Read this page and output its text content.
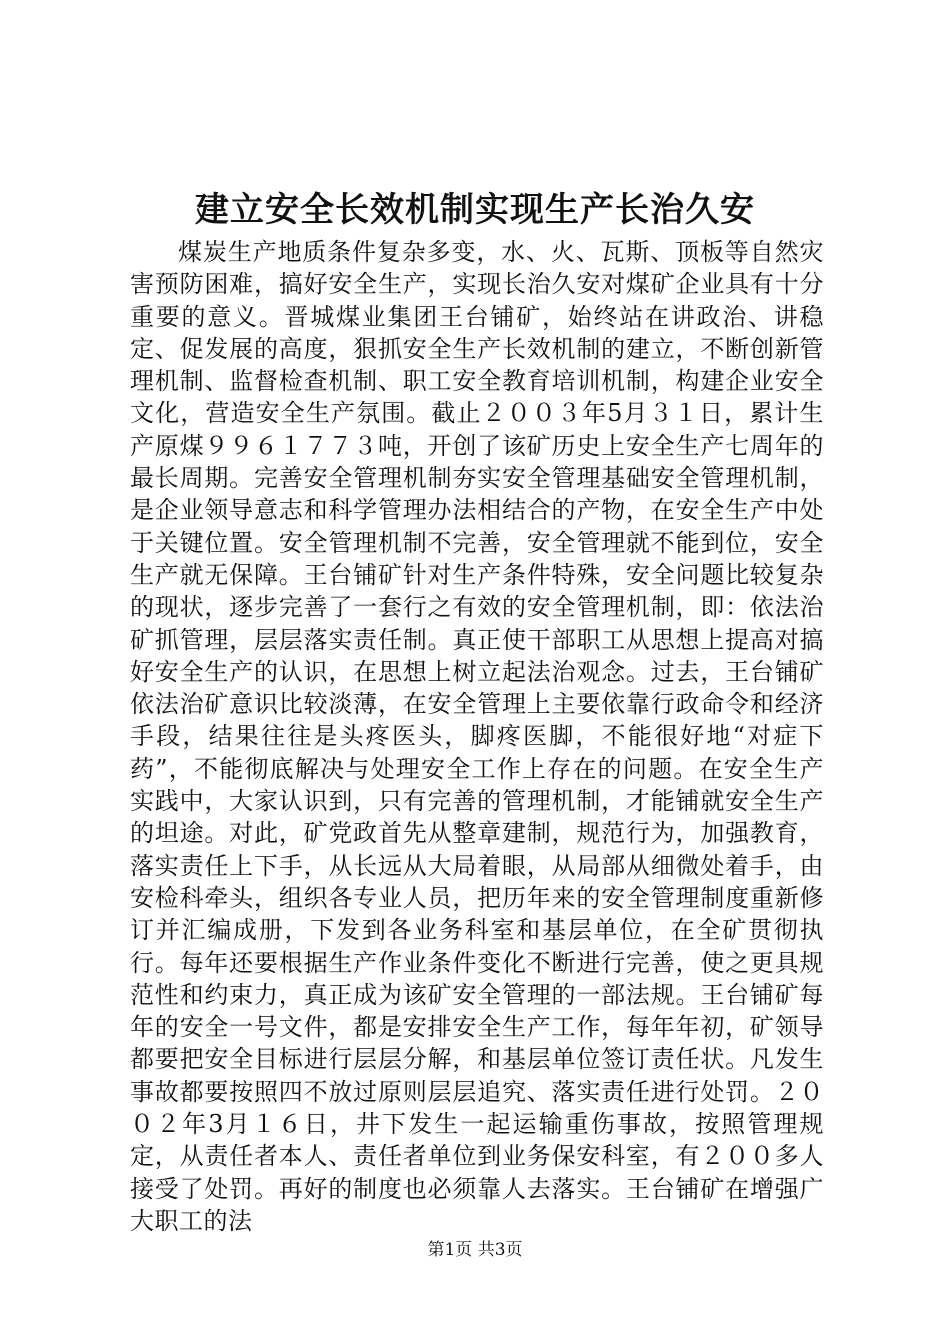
建立安全长效机制实现生产长治久安

煤炭生产地质条件复杂多变，水、火、瓦斯、顶板等自然灾害预防困难，搞好安全生产，实现长治久安对煤矿企业具有十分重要的意义。晋城煤业集团王台铺矿，始终站在讲政治、讲稳定、促发展的高度，狠抓安全生产长效机制的建立，不断创新管理机制、监督检查机制、职工安全教育培训机制，构建企业安全文化，营造安全生产氛围。截止２００３年5月３１日，累计生产原煤９９６１７７３吨，开创了该矿历史上安全生产七周年的最长周期。完善安全管理机制夯实安全管理基础安全管理机制，是企业领导意志和科学管理办法相结合的产物，在安全生产中处于关键位置。安全管理机制不完善，安全管理就不能到位，安全生产就无保障。王台铺矿针对生产条件特殊，安全问题比较复杂的现状，逐步完善了一套行之有效的安全管理机制，即：依法治矿抓管理，层层落实责任制。真正使干部职工从思想上提高对搞好安全生产的认识，在思想上树立起法治观念。过去，王台铺矿依法治矿意识比较淡薄，在安全管理上主要依靠行政命令和经济手段，结果往往是头疼医头，脚疼医脚，不能很好地“对症下药”，不能彻底解决与处理安全工作上存在的问题。在安全生产实践中，大家认识到，只有完善的管理机制，才能铺就安全生产的坦途。对此，矿党政首先从整章建制，规范行为，加强教育，落实责任上下手，从长远从大局着眼，从局部从细微处着手，由安检科牵头，组织各专业人员，把历年来的安全管理制度重新修订并汇编成册，下发到各业务科室和基层单位，在全矿贯彻执行。每年还要根据生产作业条件变化不断进行完善，使之更具规范性和约束力，真正成为该矿安全管理的一部法规。王台铺矿每年的安全一号文件，都是安排安全生产工作，每年年初，矿领导都要把安全目标进行层层分解，和基层单位签订责任状。凡发生事故都要按照四不放过原则层层追究、落实责任进行处罚。２００２年3月１６日，井下发生一起运输重伤事故，按照管理规定，从责任者本人、责任者单位到业务保安科室，有２００多人接受了处罚。再好的制度也必须靠人去落实。王台铺矿在增强广大职工的法

第1页 共3页
